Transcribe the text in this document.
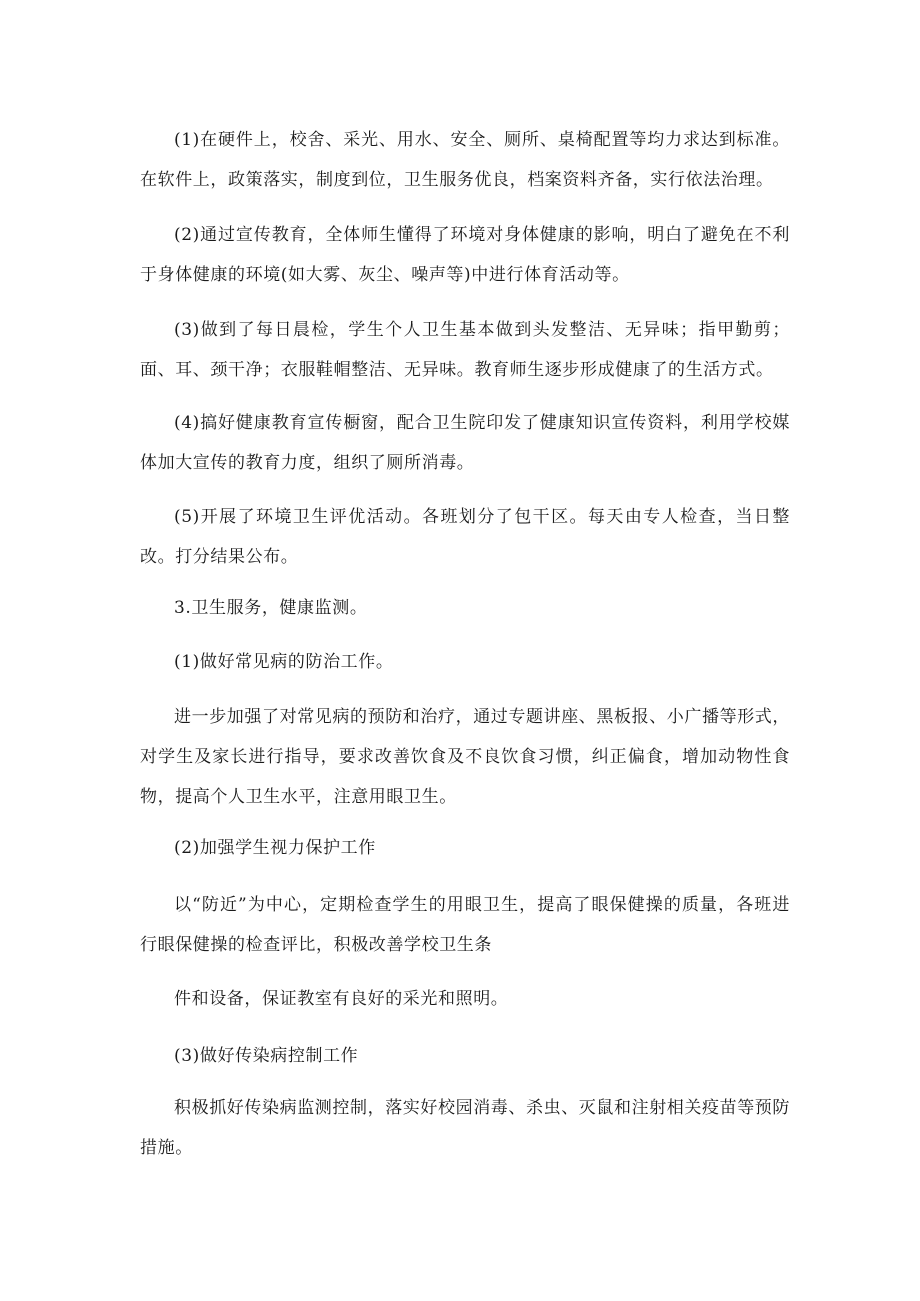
(1)在硬件上，校舍、采光、用水、安全、厕所、桌椅配置等均力求达到标准。在软件上，政策落实，制度到位，卫生服务优良，档案资料齐备，实行依法治理。

(2)通过宣传教育，全体师生懂得了环境对身体健康的影响，明白了避免在不利于身体健康的环境(如大雾、灰尘、噪声等)中进行体育活动等。

(3)做到了每日晨检，学生个人卫生基本做到头发整洁、无异味；指甲勤剪；面、耳、颈干净；衣服鞋帽整洁、无异味。教育师生逐步形成健康了的生活方式。

(4)搞好健康教育宣传橱窗，配合卫生院印发了健康知识宣传资料，利用学校媒体加大宣传的教育力度，组织了厕所消毒。

(5)开展了环境卫生评优活动。各班划分了包干区。每天由专人检查，当日整改。打分结果公布。

3.卫生服务，健康监测。

(1)做好常见病的防治工作。

进一步加强了对常见病的预防和治疗，通过专题讲座、黑板报、小广播等形式，对学生及家长进行指导，要求改善饮食及不良饮食习惯，纠正偏食，增加动物性食物，提高个人卫生水平，注意用眼卫生。

(2)加强学生视力保护工作

以“防近”为中心，定期检查学生的用眼卫生，提高了眼保健操的质量，各班进行眼保健操的检查评比，积极改善学校卫生条

件和设备，保证教室有良好的采光和照明。

(3)做好传染病控制工作

积极抓好传染病监测控制，落实好校园消毒、杀虫、灭鼠和注射相关疫苗等预防措施。
